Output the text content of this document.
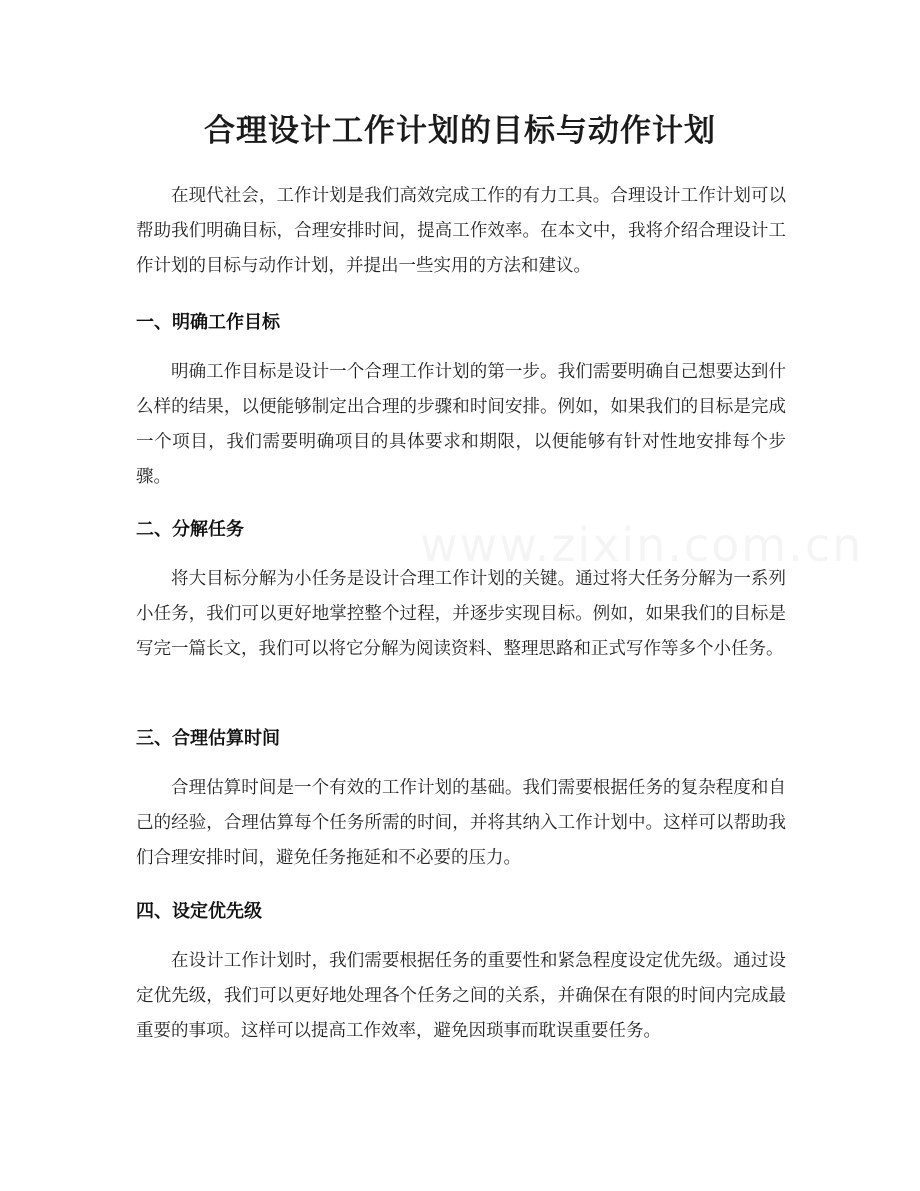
合理设计工作计划的目标与动作计划

在现代社会，工作计划是我们高效完成工作的有力工具。合理设计工作计划可以帮助我们明确目标，合理安排时间，提高工作效率。在本文中，我将介绍合理设计工作计划的目标与动作计划，并提出一些实用的方法和建议。

一、明确工作目标

明确工作目标是设计一个合理工作计划的第一步。我们需要明确自己想要达到什么样的结果，以便能够制定出合理的步骤和时间安排。例如，如果我们的目标是完成一个项目，我们需要明确项目的具体要求和期限，以便能够有针对性地安排每个步骤。

二、分解任务

将大目标分解为小任务是设计合理工作计划的关键。通过将大任务分解为一系列小任务，我们可以更好地掌控整个过程，并逐步实现目标。例如，如果我们的目标是写完一篇长文，我们可以将它分解为阅读资料、整理思路和正式写作等多个小任务。

三、合理估算时间

合理估算时间是一个有效的工作计划的基础。我们需要根据任务的复杂程度和自己的经验，合理估算每个任务所需的时间，并将其纳入工作计划中。这样可以帮助我们合理安排时间，避免任务拖延和不必要的压力。

四、设定优先级

在设计工作计划时，我们需要根据任务的重要性和紧急程度设定优先级。通过设定优先级，我们可以更好地处理各个任务之间的关系，并确保在有限的时间内完成最重要的事项。这样可以提高工作效率，避免因琐事而耽误重要任务。
